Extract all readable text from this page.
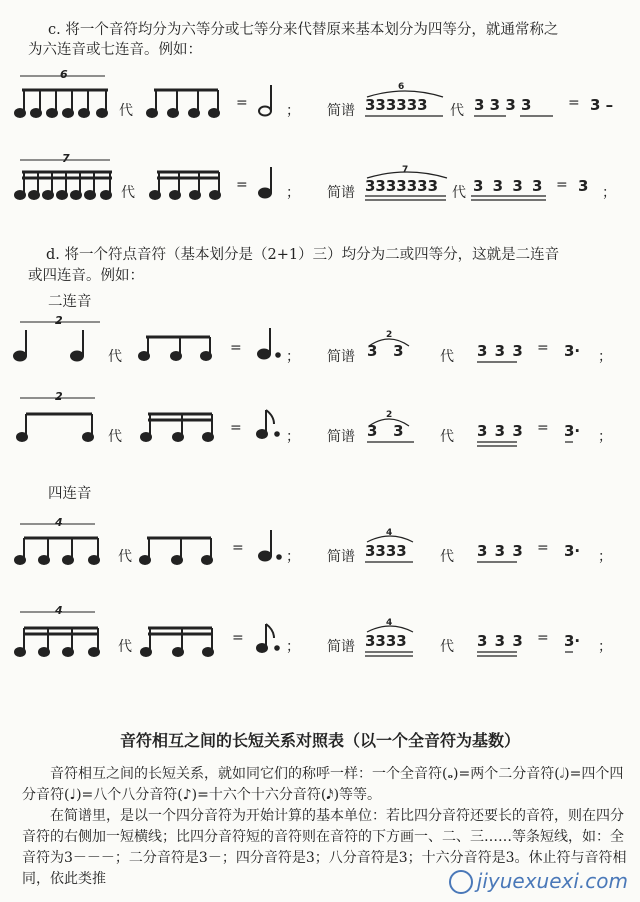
c. 将一个音符均分为六等分或七等分来代替原来基本划分为四等分，就通常称之
为六连音或七连音。例如：
6
7
2
2
4
4
代	=	； 简谱
6
333333 代 3 3 3 3	= 3 –
代	=	； 简谱
7
3333333 代 3 3 3 3 = 3 ；
d. 将一个符点音符（基本划分是（2+1）三）均分为二或四等分，这就是二连音
或四连音。例如：
二连音
代
=
； 简谱
2
3   3	代 3 3 3 = 3· ；
代
=
； 简谱
2
3   3	代 3 3 3 = 3· ；
四连音
代
=
； 简谱
4
3333 代 3 3 3 = 3· ；
代
=
； 简谱
4
3333 代 3 3 3 = 3· ；
音符相互之间的长短关系对照表（以一个全音符为基数）
音符相互之间的长短关系，就如同它们的称呼一样：一个全音符(𝅝)=两个二分音符(𝅗𝅥)=四个四分音符(♩)=八个八分音符(♪)=十六个十六分音符(𝅘𝅥𝅯)等等。
在简谱里，是以一个四分音符为开始计算的基本单位：若比四分音符还要长的音符，则在四分音符的右侧加一短横线；比四分音符短的音符则在音符的下方画一、二、三……等条短线，如：全音符为3－－－；二分音符是3－；四分音符是3；八分音符是3；十六分音符是3。休止符与音符相同，依此类推	jiyuexuexi.com
